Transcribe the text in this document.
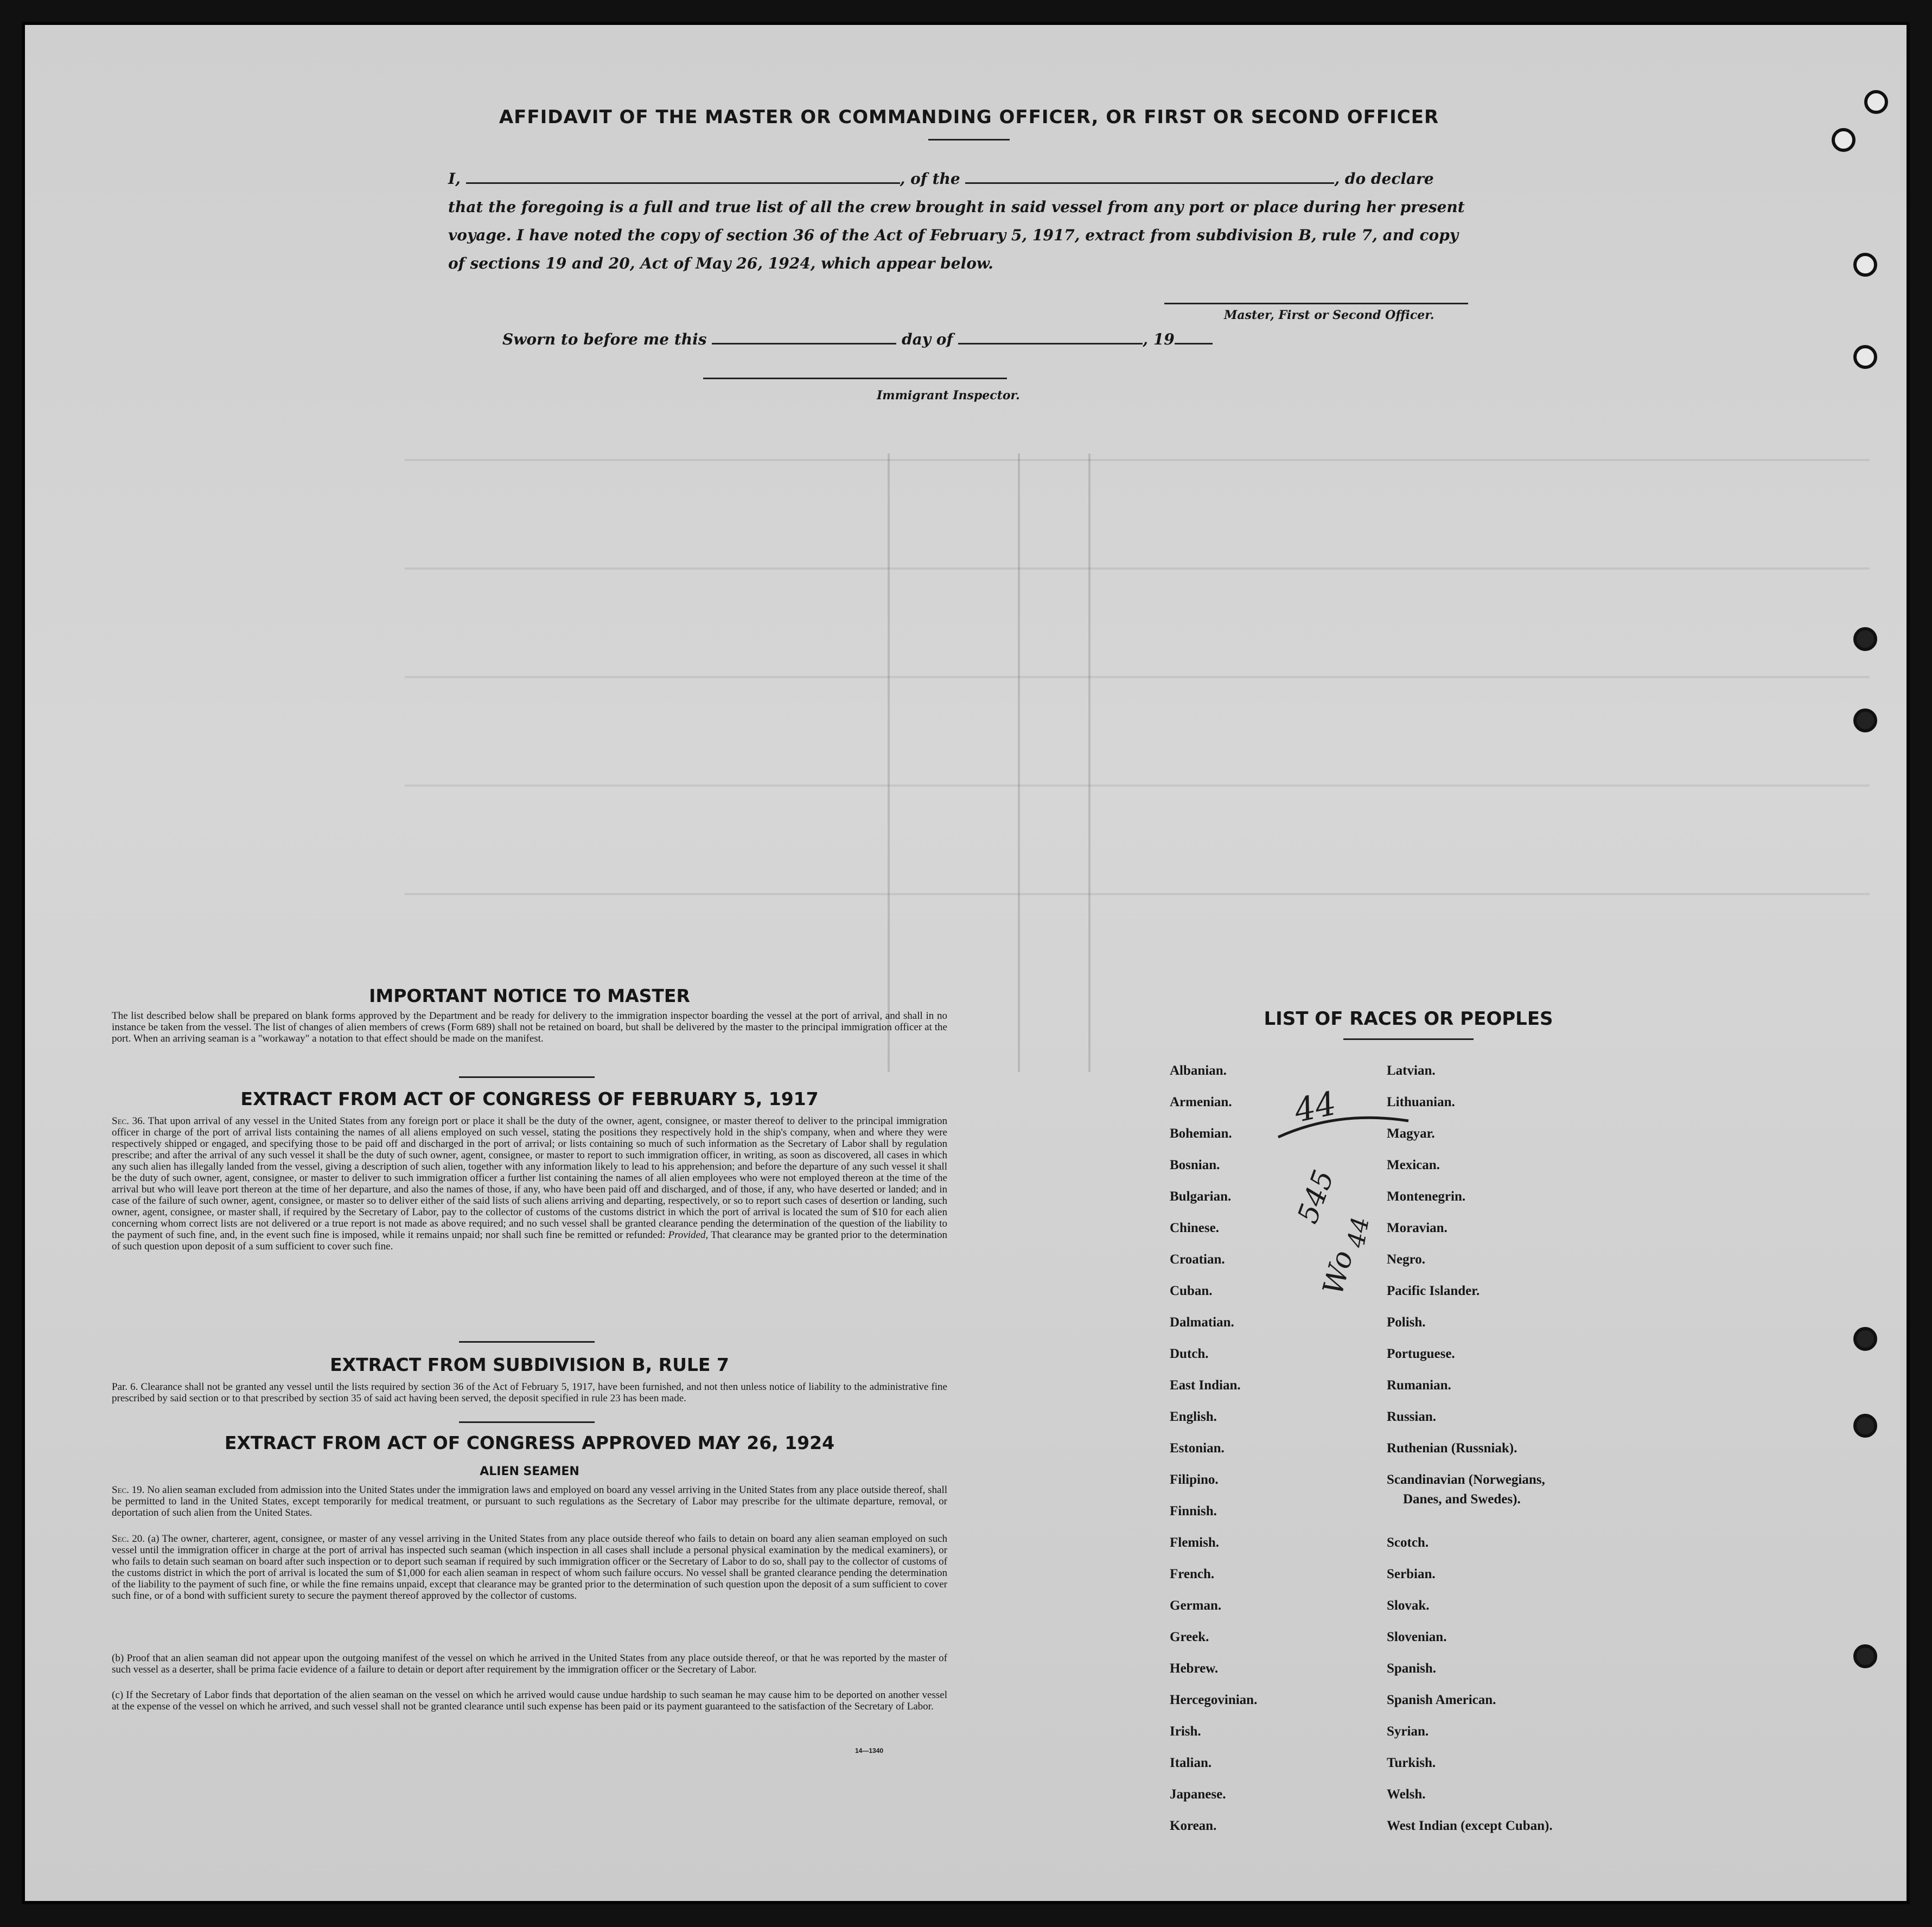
AFFIDAVIT OF THE MASTER OR COMMANDING OFFICER, OR FIRST OR SECOND OFFICER
I,	, of the	, do declare
that the foregoing is a full and true list of all the crew brought in said vessel from any port or place during her present
voyage. I have noted the copy of section 36 of the Act of February 5, 1917, extract from subdivision B, rule 7, and copy
of sections 19 and 20, Act of May 26, 1924, which appear below.
Master, First or Second Officer.
Sworn to before me this	day of	, 19
Immigrant Inspector.
IMPORTANT NOTICE TO MASTER
The list described below shall be prepared on blank forms approved by the Department and be ready for delivery to the immigration inspector boarding the vessel at the port of arrival, and shall in no instance be taken from the vessel. The list of changes of alien members of crews (Form 689) shall not be retained on board, but shall be delivered by the master to the principal immigration officer at the port. When an arriving seaman is a "workaway" a notation to that effect should be made on the manifest.
EXTRACT FROM ACT OF CONGRESS OF FEBRUARY 5, 1917
Sec. 36. That upon arrival of any vessel in the United States from any foreign port or place it shall be the duty of the owner, agent, consignee, or master thereof to deliver to the principal immigration officer in charge of the port of arrival lists containing the names of all aliens employed on such vessel, stating the positions they respectively hold in the ship's company, when and where they were respectively shipped or engaged, and specifying those to be paid off and discharged in the port of arrival; or lists containing so much of such information as the Secretary of Labor shall by regulation prescribe; and after the arrival of any such vessel it shall be the duty of such owner, agent, consignee, or master to report to such immigration officer, in writing, as soon as discovered, all cases in which any such alien has illegally landed from the vessel, giving a description of such alien, together with any information likely to lead to his apprehension; and before the departure of any such vessel it shall be the duty of such owner, agent, consignee, or master to deliver to such immigration officer a further list containing the names of all alien employees who were not employed thereon at the time of the arrival but who will leave port thereon at the time of her departure, and also the names of those, if any, who have been paid off and discharged, and of those, if any, who have deserted or landed; and in case of the failure of such owner, agent, consignee, or master so to deliver either of the said lists of such aliens arriving and departing, respectively, or so to report such cases of desertion or landing, such owner, agent, consignee, or master shall, if required by the Secretary of Labor, pay to the collector of customs of the customs district in which the port of arrival is located the sum of $10 for each alien concerning whom correct lists are not delivered or a true report is not made as above required; and no such vessel shall be granted clearance pending the determination of the question of the liability to the payment of such fine, and, in the event such fine is imposed, while it remains unpaid; nor shall such fine be remitted or refunded: Provided, That clearance may be granted prior to the determination of such question upon deposit of a sum sufficient to cover such fine.
EXTRACT FROM SUBDIVISION B, RULE 7
Par. 6. Clearance shall not be granted any vessel until the lists required by section 36 of the Act of February 5, 1917, have been furnished, and not then unless notice of liability to the administrative fine prescribed by said section or to that prescribed by section 35 of said act having been served, the deposit specified in rule 23 has been made.
EXTRACT FROM ACT OF CONGRESS APPROVED MAY 26, 1924
ALIEN SEAMEN
Sec. 19. No alien seaman excluded from admission into the United States under the immigration laws and employed on board any vessel arriving in the United States from any place outside thereof, shall be permitted to land in the United States, except temporarily for medical treatment, or pursuant to such regulations as the Secretary of Labor may prescribe for the ultimate departure, removal, or deportation of such alien from the United States.
Sec. 20. (a) The owner, charterer, agent, consignee, or master of any vessel arriving in the United States from any place outside thereof who fails to detain on board any alien seaman employed on such vessel until the immigration officer in charge at the port of arrival has inspected such seaman (which inspection in all cases shall include a personal physical examination by the medical examiners), or who fails to detain such seaman on board after such inspection or to deport such seaman if required by such immigration officer or the Secretary of Labor to do so, shall pay to the collector of customs of the customs district in which the port of arrival is located the sum of $1,000 for each alien seaman in respect of whom such failure occurs. No vessel shall be granted clearance pending the determination of the liability to the payment of such fine, or while the fine remains unpaid, except that clearance may be granted prior to the determination of such question upon the deposit of a sum sufficient to cover such fine, or of a bond with sufficient surety to secure the payment thereof approved by the collector of customs.
(b) Proof that an alien seaman did not appear upon the outgoing manifest of the vessel on which he arrived in the United States from any place outside thereof, or that he was reported by the master of such vessel as a deserter, shall be prima facie evidence of a failure to detain or deport after requirement by the immigration officer or the Secretary of Labor.
(c) If the Secretary of Labor finds that deportation of the alien seaman on the vessel on which he arrived would cause undue hardship to such seaman he may cause him to be deported on another vessel at the expense of the vessel on which he arrived, and such vessel shall not be granted clearance until such expense has been paid or its payment guaranteed to the satisfaction of the Secretary of Labor.
14—1340
LIST OF RACES OR PEOPLES
Albanian.
Armenian.
Bohemian.
Bosnian.
Bulgarian.
Chinese.
Croatian.
Cuban.
Dalmatian.
Dutch.
East Indian.
English.
Estonian.
Filipino.
Finnish.
Flemish.
French.
German.
Greek.
Hebrew.
Hercegovinian.
Irish.
Italian.
Japanese.
Korean.
Latvian.
Lithuanian.
Magyar.
Mexican.
Montenegrin.
Moravian.
Negro.
Pacific Islander.
Polish.
Portuguese.
Rumanian.
Russian.
Ruthenian (Russniak).
Scandinavian (Norwegians,
Danes, and Swedes).
Scotch.
Serbian.
Slovak.
Slovenian.
Spanish.
Spanish American.
Syrian.
Turkish.
Welsh.
West Indian (except Cuban).
44
545
44
Wo
